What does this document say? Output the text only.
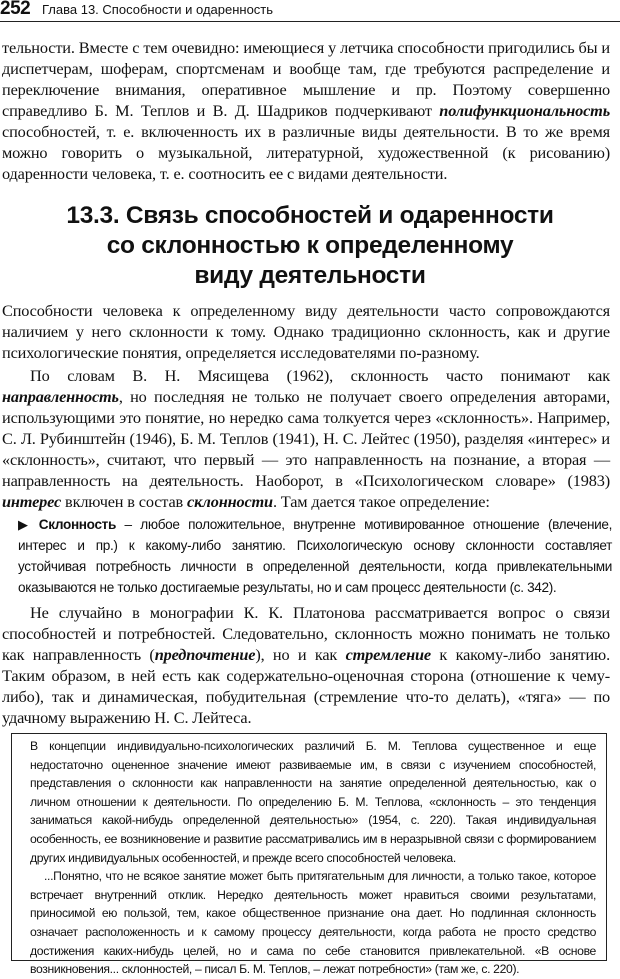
252 Глава 13. Способности и одаренность

тельности. Вместе с тем очевидно: имеющиеся у летчика способности пригодились бы и диспетчерам, шоферам, спортсменам и вообще там, где требуются распределение и переключение внимания, оперативное мышление и пр. Поэтому совершенно справедливо Б. М. Теплов и В. Д. Шадриков подчеркивают полифункциональность способностей, т. е. включенность их в различные виды деятельности. В то же время можно говорить о музыкальной, литературной, художественной (к рисованию) одаренности человека, т. е. соотносить ее с видами деятельности.

13.3. Связь способностей и одаренности
со склонностью к определенному
виду деятельности

Способности человека к определенному виду деятельности часто сопровождаются наличием у него склонности к тому. Однако традиционно склонность, как и другие психологические понятия, определяется исследователями по-разному.

По словам В. Н. Мясищева (1962), склонность часто понимают как направленность, но последняя не только не получает своего определения авторами, использующими это понятие, но нередко сама толкуется через «склонность». Например, С. Л. Рубинштейн (1946), Б. М. Теплов (1941), Н. С. Лейтес (1950), разделяя «интерес» и «склонность», считают, что первый — это направленность на познание, а вторая — направленность на деятельность. Наоборот, в «Психологическом словаре» (1983) интерес включен в состав склонности. Там дается такое определение:

▶ Склонность – любое положительное, внутренне мотивированное отношение (влечение, интерес и пр.) к какому-либо занятию. Психологическую основу склонности составляет устойчивая потребность личности в определенной деятельности, когда привлекательными оказываются не только достигаемые результаты, но и сам процесс деятельности (с. 342).

Не случайно в монографии К. К. Платонова рассматривается вопрос о связи способностей и потребностей. Следовательно, склонность можно понимать не только как направленность (предпочтение), но и как стремление к какому-либо занятию. Таким образом, в ней есть как содержательно-оценочная сторона (отношение к чему-либо), так и динамическая, побудительная (стремление что-то делать), «тяга» — по удачному выражению Н. С. Лейтеса.

В концепции индивидуально-психологических различий Б. М. Теплова существенное и еще недостаточно оцененное значение имеют развиваемые им, в связи с изучением способностей, представления о склонности как направленности на занятие определенной деятельностью, как о личном отношении к деятельности. По определению Б. М. Теплова, «склонность – это тенденция заниматься какой-нибудь определенной деятельностью» (1954, с. 220). Такая индивидуальная особенность, ее возникновение и развитие рассматривались им в неразрывной связи с формированием других индивидуальных особенностей, и прежде всего способностей человека.

...Понятно, что не всякое занятие может быть притягательным для личности, а только такое, которое встречает внутренний отклик. Нередко деятельность может нравиться своими результатами, приносимой ею пользой, тем, какое общественное признание она дает. Но подлинная склонность означает расположенность и к самому процессу деятельности, когда работа не просто средство достижения каких-нибудь целей, но и сама по себе становится привлекательной. «В основе возникновения... склонностей, – писал Б. М. Теплов, – лежат потребности» (там же, с. 220).
